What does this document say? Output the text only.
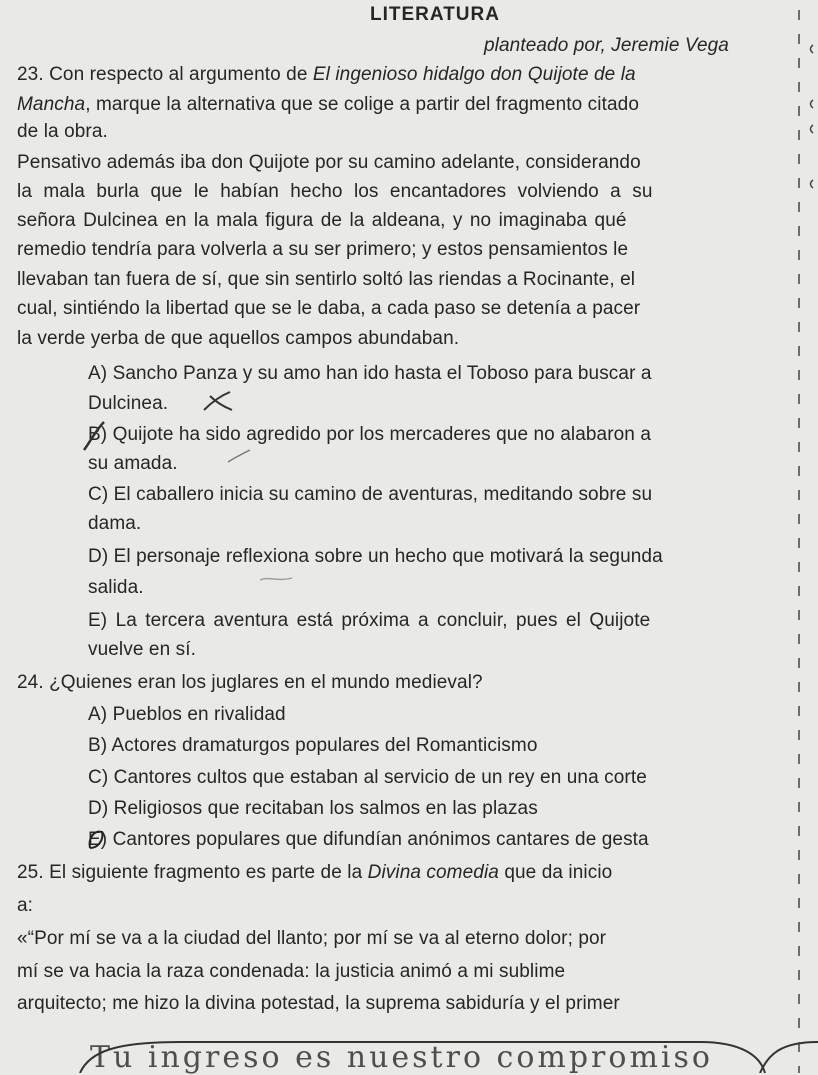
LITERATURA

planteado por, Jeremie Vega

23. Con respecto al argumento de El ingenioso hidalgo don Quijote de la

Mancha, marque la alternativa que se colige a partir del fragmento citado

de la obra.

Pensativo además iba don Quijote por su camino adelante, considerando

la mala burla que le habían hecho los encantadores volviendo a su

señora Dulcinea en la mala figura de la aldeana, y no imaginaba qué

remedio tendría para volverla a su ser primero; y estos pensamientos le

llevaban tan fuera de sí, que sin sentirlo soltó las riendas a Rocinante, el

cual, sintiéndo la libertad que se le daba, a cada paso se detenía a pacer

la verde yerba de que aquellos campos abundaban.

A) Sancho Panza y su amo han ido hasta el Toboso para buscar a

Dulcinea.

B) Quijote ha sido agredido por los mercaderes que no alabaron a

su amada.

C) El caballero inicia su camino de aventuras, meditando sobre su

dama.

D) El personaje reflexiona sobre un hecho que motivará la segunda

salida.

E) La tercera aventura está próxima a concluir, pues el Quijote

vuelve en sí.

24. ¿Quienes eran los juglares en el mundo medieval?

A) Pueblos en rivalidad

B) Actores dramaturgos populares del Romanticismo

C) Cantores cultos que estaban al servicio de un rey en una corte

D) Religiosos que recitaban los salmos en las plazas

E) Cantores populares que difundían anónimos cantares de gesta

25. El siguiente fragmento es parte de la Divina comedia que da inicio

a:

«“Por mí se va a la ciudad del llanto; por mí se va al eterno dolor; por

mí se va hacia la raza condenada: la justicia animó a mi sublime

arquitecto; me hizo la divina potestad, la suprema sabiduría y el primer

Tu ingreso es nuestro compromiso
